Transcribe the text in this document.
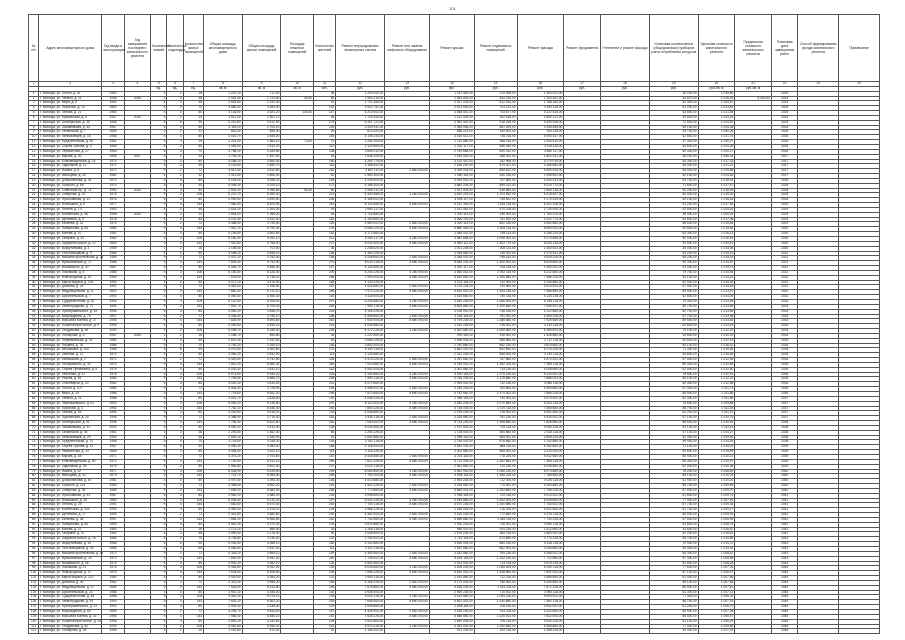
101
№ п/п	Адрес многоквартирного дома	Год ввода в эксплуатацию	Год завершения последнего капитального ремонта	Количество этажей	Количество подъездов	Количество жилых помещений	Общая площадь многоквартирного дома	Общая площадь жилых помещений	Площадь нежилых помещений	Количество жителей	Ремонт внутридомовых инженерных систем	Ремонт или замена лифтового оборудования	Ремонт крыши	Ремонт подвальных помещений	Ремонт фасада	Ремонт фундамента	Утепление и ремонт фасада	Установка коллективных (общедомовых) приборов учета потребления ресурсов	Удельная стоимость капитального ремонта	Предельная стоимость капитального ремонта	Плановая дата завершения работ	Способ формирования фонда капитального ремонта	Примечание
1	2	3	4	5	6	7	8	9	10	11	12	13	14	15	16	17	18	19	20	21	22	23	24
				ед.	ед.	ед.	кв. м	кв. м	кв. м	чел.	руб.	руб.	руб.	руб.	руб.	руб.	руб.	руб.	руб./кв. м	руб./кв. м			
1	г. Вологда, ул. Гоголя, д. 61	1960		2	2	16	1 210,10	712,00		38	1 253 442,00		1 012 481,00	210 458,00	1 453 022,00			35 200,00	1 035,80		2024		
2	г. Вологда, ул. Ленина, д. 11	1958	2008	3	3	28	2 042,30	1 724,60	44,80	56	1 963 210,00		1 564 803,00	344 226,00	2 103 402,00			44 870,00	1 026,25	8 400,00	2024		
3	г. Вологда, ул. Мира, д. 5	1962		4	3	48	2 618,80	2 190,40		91	2 721 455,00		2 017 225,00	512 044,00	2 788 160,00			52 400,00	1 064,57		2024		
4	г. Вологда, ул. Пирогова, д. 14	1963		5	4	70	3 880,40	3 264,90		132	3 920 741,00		2 874 900,00	703 122,00	3 944 118,00			61 200,00	1 023,45		2025		
5	г. Вологда, ул. Чехова, д. 21	1964		5	4	80	4 134,60	3 524,20	118,30	147	4 210 002,00		3 088 541,00	753 877,00	4 222 516,00			63 800,00	1 021,55		2025		
6	г. Вологда, ул. Пушкинская, д. 9	1957	2010	3	2	24	1 812,00	1 502,70		48	1 720 444,00		1 312 009,00	302 518,00	1 890 221,00			39 600,00	1 043,16		2025		
7	г. Вологда, ул. Октябрьская, д. 35	1966		5	6	90	5 210,80	4 412,50		178	5 301 722,00		3 962 410,00	918 245,00	5 340 008,00			72 500,00	1 024,81		2025		
8	г. Вологда, ул. Зосимовская, д. 44	1967		5	4	60	3 118,20	2 704,10		109	3 204 511,00		2 384 006,00	581 209,00	3 196 455,00			55 100,00	1 025,08		2025		
9	г. Вологда, ул. Галкинская, д. 7	1959		2	2	12	842,50	698,30		26	874 020,00		668 213,00	150 402,00	910 118,00			28 700,00	1 080,26		2026		
10	г. Вологда, ул. Челюскинцев, д. 18	1968		5	4	80	4 020,70	3 456,00		154	4 108 233,00		3 010 521,00	736 118,00	4 090 447,00			62 800,00	1 021,76		2026		
11	г. Вологда, ул. Предтеченская, д. 52	1961		3	3	36	2 214,40	1 864,10	72,60	70	2 281 004,00		1 742 880,00	388 016,00	2 344 510,00			47 300,00	1 030,07		2026		
12	г. Вологда, ул. Сергея Орлова, д. 3	1969		5	3	60	3 046,90	2 610,20		112	3 120 889,00		2 302 117,00	566 040,00	3 118 226,00			54 600,00	1 024,28		2026		
13	г. Вологда, ул. Лермонтова, д. 27	1965		5	4	70	3 768,10	3 184,80		138	3 844 012,00		2 790 668,00	690 322,00	3 850 117,00			60 400,00	1 020,17		2026		
14	г. Вологда, ул. Кирова, д. 30	1956	2007	3	2	24	1 706,30	1 402,90		44	1 648 100,00		1 254 920,00	288 002,00	1 802 441,00			38 200,00	1 056,34		2027		
15	г. Вологда, ул. Благовещенская, д. 16	1970		5	4	80	4 188,20	3 580,40		150	4 260 775,00		3 120 410,00	762 908,00	4 270 019,00			64 300,00	1 017,33		2027		
16	г. Вологда, ул. Ударников, д. 12	1971		5	3	60	3 102,60	2 650,70		116	3 168 442,00		2 338 200,00	574 021,00	3 166 880,00			55 000,00	1 021,22		2027		
17	г. Вологда, ул. Яшина, д. 8	1972		9	2	72	4 512,40	3 810,60		162	4 602 111,00	2 840 000,00	3 328 004,00	808 512,00	4 590 044,00			68 900,00	1 019,88		2027		
18	г. Вологда, ул. Мальцева, д. 40	1962		4	2	32	1 912,80	1 606,30		62	1 960 300,00		1 480 118,00	340 226,00	1 998 602,00			42 100,00	1 024,83		2027		
19	г. Вологда, ул. Добролюбова, д. 25	1973		5	4	80	4 154,00	3 548,20		149	4 228 900,00		3 094 002,00	757 660,00	4 240 333,00			63 700,00	1 018,03		2028		
20	г. Вологда, ул. Горького, д. 88	1974		5	6	90	5 098,30	4 324,10		172	5 188 404,00		3 880 226,00	899 012,00	5 214 770,00			71 600,00	1 017,67		2028		
21	г. Вологда, ул. Советский пр., д. 74	1960	2005	4	3	40	2 502,20	2 098,80	96,40	80	2 548 211,00		1 921 004,00	436 660,00	2 600 118,00			50 200,00	1 018,39		2028		
22	г. Вологда, ул. Северная, д. 20	1975		9	3	108	6 212,70	5 280,40		214	6 330 988,00	4 260 000,00	4 610 229,00	1 104 552,00	6 318 447,00			80 400,00	1 019,03		2028		
23	г. Вологда, ул. Ярославская, д. 31	1976		5	4	80	4 090,50	3 490,60		146	4 166 002,00		3 048 117,00	745 822,00	4 170 229,00			63 100,00	1 018,44		2028		
24	г. Вологда, ул. Ильюшина, д. 6	1977		9	4	144	7 980,40	6 824,90		281	8 120 554,00	5 680 000,00	5 912 300,00	1 416 118,00	8 102 226,00			91 200,00	1 017,56		2029		
25	г. Вологда, ул. Петина, д. 13	1963		4	3	48	2 624,10	2 204,30		93	2 690 117,00		2 012 440,00	470 228,00	2 730 006,00			52 800,00	1 025,16		2029		
26	г. Вологда, ул. Козленская, д. 58	1958	2009	3	2	24	1 694,00	1 396,20		45	1 702 880,00		1 300 114,00	296 004,00	1 760 225,00			38 900,00	1 005,24		2029		
27	г. Вологда, ул. Щетинина, д. 5	1978		5	4	80	4 120,30	3 512,40		151	4 190 660,00		3 066 220,00	751 400,00	4 202 770,00			63 500,00	1 017,08		2029		
28	г. Вологда, ул. Беляева, д. 22	1979		9	2	72	4 488,90	3 796,50		159	4 560 002,00	2 840 000,00	3 300 114,00	802 226,00	4 552 880,00			68 500,00	1 015,84		2029		
29	г. Вологда, ул. Панкратова, д. 66	1980		9	4	144	7 942,10	6 790,40		276	8 066 220,00	5 680 000,00	5 880 446,00	1 408 118,00	8 060 004,00			90 800,00	1 015,64		2030		
30	г. Вологда, ул. Конева, д. 10	1981		5	4	80	4 106,60	3 504,80		152	4 172 880,00		3 056 002,00	748 114,00	4 186 220,00			63 300,00	1 016,13		2030		
31	г. Вологда, ул. Гагарина, д. 44	1982		9	3	108	6 180,30	5 252,10		212	6 280 117,00	4 260 000,00	4 582 668,00	1 098 004,00	6 270 556,00			80 000,00	1 016,16		2030		
32	г. Вологда, ул. Окружное шоссе, д. 12	1983		9	4	144	7 910,60	6 768,00		272	8 030 400,00	5 680 000,00	5 860 112,00	1 402 770,00	8 024 118,00			90 500,00	1 015,14		2030		
33	г. Вологда, ул. Воркутинская, д. 3	1959		2	2	16	1 198,40	702,60		36	1 238 020,00		1 001 226,00	208 114,00	1 440 002,00			35 000,00	1 033,05		2030		
34	г. Вологда, ул. Текстильщиков, д. 9	1984		5	4	80	4 098,20	3 498,10		148	4 160 226,00		3 048 880,00	746 002,00	4 176 441,00			63 200,00	1 015,13		2031		
35	г. Вологда, ул. Машиностроительная, д. 28	1985		9	2	72	4 470,10	3 782,40		158	4 538 660,00	2 840 000,00	3 288 002,00	798 410,00	4 530 226,00			68 200,00	1 015,33		2031		
36	г. Вологда, ул. Фрязиновская, д. 17	1986		9	4	144	7 894,30	6 752,90		270	8 010 118,00	5 680 000,00	5 848 226,00	1 400 002,00	8 004 660,00			90 300,00	1 014,67		2031		
37	г. Вологда, ул. Можайского, д. 40	1987		5	4	80	4 084,70	3 486,50		147	4 144 880,00		3 040 117,00	744 226,00	4 160 002,00			63 000,00	1 014,73		2031		
38	г. Вологда, ул. Псковская, д. 5	1988		9	3	108	6 150,80	5 228,30		209	6 240 226,00	4 260 000,00	4 560 002,00	1 092 118,00	6 232 880,00			79 700,00	1 014,54		2031		
39	г. Вологда, ул. Новгородская, д. 19	1989		9	4	144	7 878,00	6 738,20		268	7 990 004,00	5 680 000,00	5 834 660,00	1 396 880,00	7 986 226,00			90 100,00	1 014,22		2032		
40	г. Вологда, ул. Карла Маркса, д. 104	1990		5	4	80	4 072,10	3 476,00		146	4 130 226,00		3 032 118,00	742 004,00	4 146 880,00			62 900,00	1 014,28		2032		
41	г. Вологда, ул. Дальняя, д. 24	1991		9	2	72	4 452,60	3 768,80		157	4 516 880,00	2 840 000,00	3 276 226,00	794 660,00	4 510 004,00			67 900,00	1 014,44		2032		
42	г. Вологда, ул. Медуницинская, д. 11	1992		9	4	144	7 860,40	6 722,10		266	7 970 226,00	5 680 000,00	5 820 002,00	1 394 226,00	7 966 880,00			89 900,00	1 013,97		2032		
43	г. Вологда, ул. Архангельская, д. 7	1993		5	4	80	4 060,80	3 466,30		145	4 118 004,00		3 024 660,00	740 118,00	4 134 226,00			62 800,00	1 014,09		2032		
44	г. Вологда, ул. Судоремонтная, д. 32	1994		9	3	108	6 122,50	5 206,00		207	6 204 880,00	4 260 000,00	4 540 226,00	1 086 004,00	6 198 118,00			79 400,00	1 013,45		2033		
45	г. Вологда, ул. Ленинградская, д. 71	1995		9	4	144	7 842,70	6 708,40		264	7 950 118,00	5 680 000,00	5 806 880,00	1 390 660,00	7 946 002,00			89 700,00	1 013,69		2033		
46	г. Вологда, ул. Преображенского, д. 15	1996		5	4	80	4 050,20	3 458,70		144	4 106 226,00		3 018 002,00	738 226,00	4 122 880,00			62 700,00	1 013,83		2033		
47	г. Вологда, ул. Возрождения, д. 76	1997		9	2	72	4 436,40	3 756,10		156	4 496 660,00	2 840 000,00	3 264 118,00	791 002,00	4 490 226,00			67 700,00	1 013,58		2033		
48	г. Вологда, ул. Маршала Конева, д. 27	1998		9	4	144	7 826,90	6 694,80		262	7 930 004,00	5 680 000,00	5 794 226,00	1 386 880,00	7 926 660,00			89 500,00	1 013,18		2033		
49	г. Вологда, ул. Пошехонское шоссе, д. 9	1999		5	4	80	4 040,60	3 450,20		143	4 094 880,00		3 010 226,00	736 002,00	4 110 118,00			62 600,00	1 013,43		2034		
50	г. Вологда, ул. Тендрякова, д. 36	2000		9	3	108	6 098,10	5 186,40		205	6 172 226,00	4 260 000,00	4 520 880,00	1 080 660,00	6 166 004,00			79 100,00	1 012,15		2034		
51	г. Вологда, ул. Гончарная, д. 4	1957	2006	2	2	16	1 186,70	694,80		34	1 222 660,00		990 118,00	206 002,00	1 426 880,00			34 800,00	1 030,29		2034		
52	г. Вологда, ул. Первомайская, д. 33	1964		4	3	48	2 610,40	2 192,60		92	2 668 226,00		1 998 004,00	466 880,00	2 712 118,00			52 600,00	1 022,15		2034		
53	г. Вологда, ул. Герцена, д. 78	1966		5	4	70	3 740,20	3 160,10		136	3 802 004,00		2 760 880,00	682 226,00	3 810 660,00			60 100,00	1 016,51		2034		
54	г. Вологда, ул. Ветошкина, д. 100	1968		5	6	90	5 070,50	4 300,80		170	5 150 118,00		3 852 002,00	892 660,00	5 176 226,00			71 300,00	1 015,69		2035		
55	г. Вологда, ул. Зеленая, д. 12	1970		5	3	60	3 080,20	2 632,90		114	3 130 880,00		2 312 226,00	568 004,00	3 134 118,00			54 800,00	1 016,45		2035		
56	г. Вологда, ул. Батюшкова, д. 2	1972		9	2	72	4 420,80	3 742,60		155	4 476 226,00	2 840 000,00	3 252 660,00	787 880,00	4 470 002,00			67 500,00	1 012,54		2035		
57	г. Вологда, ул. Гиляровского, д. 34	1974		9	4	144	7 810,20	6 680,30		260	7 910 880,00	5 680 000,00	5 780 002,00	1 382 226,00	7 906 118,00			89 300,00	1 012,89		2035		
58	г. Вологда, ул. Сергея Преминина, д. 6	1976		5	4	80	4 030,40	3 442,10		142	4 082 004,00		3 002 880,00	734 118,00	4 098 660,00			62 500,00	1 012,80		2035		
59	г. Вологда, ул. Лечебная, д. 22	1978		9	3	108	6 074,60	5 166,20		203	6 140 880,00	4 260 000,00	4 500 118,00	1 075 226,00	6 134 002,00			78 800,00	1 010,91		2036		
60	г. Вологда, ул. Разина, д. 45	1980		9	4	144	7 794,80	6 666,70		258	7 890 118,00	5 680 000,00	5 766 226,00	1 378 880,00	7 886 004,00			89 100,00	1 012,23		2036		
61	г. Вологда, ул. Сталеваров, д. 10	1982		5	4	80	4 020,10	3 434,00		141	4 070 660,00		2 994 002,00	732 226,00	4 086 118,00			62 400,00	1 012,58		2036		
62	г. Вологда, ул. Гоголя, д. 107	1984		9	2	72	4 404,30	3 728,90		154	4 456 002,00	2 840 000,00	3 240 226,00	784 660,00	4 450 880,00			67 300,00	1 011,74		2036		
63	г. Вологда, ул. Мира, д. 34	1986		9	4	144	7 778,60	6 652,20		256	7 870 880,00	5 680 000,00	5 752 660,00	1 374 002,00	7 866 226,00			88 900,00	1 011,86		2036		
64	г. Вологда, ул. Ленина, д. 21	1988		5	4	80	4 010,70	3 426,60		140	4 058 226,00		2 986 118,00	730 004,00	4 074 002,00			62 300,00	1 011,85		2037		
65	г. Вологда, ул. Чернышевского, д. 61	1990		9	3	108	6 050,20	5 146,80		201	6 110 004,00	4 260 000,00	4 480 226,00	1 070 880,00	6 104 118,00			78 500,00	1 009,88		2037		
66	г. Вологда, ул. Пирогова, д. 3	1992		9	4	144	7 762,10	6 638,40		254	7 850 226,00	5 680 000,00	5 738 004,00	1 370 118,00	7 846 660,00			88 700,00	1 011,35		2037		
67	г. Вологда, ул. Чехова, д. 49	1994		5	4	80	4 000,60	3 418,20		139	4 046 880,00		2 978 226,00	728 002,00	4 062 660,00			62 200,00	1 011,57		2037		
68	г. Вологда, ул. Пушкинская, д. 25	1996		9	2	72	4 388,90	3 716,40		153	4 436 118,00	2 840 000,00	3 228 880,00	781 226,00	4 430 002,00			67 100,00	1 010,76		2037		
69	г. Вологда, ул. Октябрьская, д. 51	1998		9	4	144	7 746,30	6 624,80		252	7 830 002,00	5 680 000,00	5 724 226,00	1 366 660,00	7 826 880,00			88 500,00	1 010,81		2038		
70	г. Вологда, ул. Зосимовская, д. 91	2000		5	4	80	3 990,20	3 410,90		138	4 034 660,00		2 970 002,00	726 118,00	4 050 226,00			62 100,00	1 011,14		2038		
71	г. Вологда, ул. Галкинская, д. 36	1961		3	3	36	2 200,80	1 852,40		68	2 254 226,00		1 728 004,00	384 660,00	2 318 118,00			47 100,00	1 024,27		2038		
72	г. Вологда, ул. Челюскинцев, д. 29	1963		4	3	48	2 600,10	2 184,90		91	2 652 880,00		1 986 118,00	464 002,00	2 698 226,00			52 400,00	1 020,30		2038		
73	г. Вологда, ул. Предтеченская, д. 70	1965		5	4	70	3 724,60	3 148,30		134	3 782 118,00		2 746 002,00	678 660,00	3 792 880,00			59 900,00	1 015,44		2038		
74	г. Вологда, ул. Сергея Орлова, д. 11	1967		5	6	90	5 050,30	4 284,40		168	5 126 004,00		3 834 226,00	888 118,00	5 152 660,00			71 100,00	1 015,01		2039		
75	г. Вологда, ул. Лермонтова, д. 33	1969		5	3	60	3 068,40	2 622,10		113	3 116 226,00		2 302 880,00	565 002,00	3 120 004,00			54 600,00	1 015,59		2039		
76	г. Вологда, ул. Кирова, д. 48	1971		9	2	72	4 374,20	3 704,80		152	4 418 880,00	2 840 000,00	3 218 118,00	778 226,00	4 412 660,00			66 900,00	1 010,21		2039		
77	г. Вологда, ул. Благовещенская, д. 60	1973		9	4	144	7 730,50	6 612,10		250	7 812 226,00	5 680 000,00	5 712 004,00	1 362 880,00	7 808 118,00			88 300,00	1 010,57		2039		
78	г. Вологда, ул. Ударников, д. 26	1975		5	4	80	3 980,80	3 402,40		137	4 022 118,00		2 962 660,00	724 226,00	4 038 880,00			62 000,00	1 010,38		2039		
79	г. Вологда, ул. Яшина, д. 12	1977		9	3	108	6 028,90	5 128,60		199	6 080 660,00	4 260 000,00	4 462 002,00	1 066 226,00	6 074 880,00			78 200,00	1 008,59		2040		
80	г. Вологда, ул. Мальцева, д. 52	1979		9	4	144	7 714,70	6 598,50		248	7 792 004,00	5 680 000,00	5 698 118,00	1 358 226,00	7 788 660,00			88 100,00	1 010,03		2040		
81	г. Вологда, ул. Добролюбова, д. 40	1981		5	4	80	3 970,40	3 394,30		136	4 010 880,00		2 954 226,00	722 004,00	4 026 118,00			61 900,00	1 010,20		2040		
82	г. Вологда, ул. Горького, д. 113	1983		9	2	72	4 358,60	3 692,20		151	4 400 226,00	2 840 000,00	3 206 660,00	775 002,00	4 394 880,00			66 700,00	1 009,55		2040		
83	г. Вологда, ул. Северная, д. 36	1985		9	4	144	7 698,20	6 584,90		246	7 772 880,00	5 680 000,00	5 684 002,00	1 354 660,00	7 768 226,00			87 900,00	1 009,70		2040		
84	г. Вологда, ул. Ярославская, д. 43	1987		5	4	80	3 960,10	3 386,20		135	3 998 660,00		2 946 118,00	720 118,00	4 014 002,00			61 800,00	1 009,74		2041		
85	г. Вологда, ул. Ильюшина, д. 18	1989		9	3	108	6 006,40	5 110,20		197	6 052 226,00	4 260 000,00	4 444 880,00	1 062 004,00	6 046 660,00			77 900,00	1 007,63		2041		
86	г. Вологда, ул. Петина, д. 29	1991		9	4	144	7 682,60	6 570,40		244	7 754 118,00	5 680 000,00	5 670 226,00	1 350 880,00	7 750 002,00			87 700,00	1 009,34		2041		
87	г. Вологда, ул. Козленская, д. 104	1993		5	4	80	3 950,00	3 378,10		134	3 986 226,00		2 938 004,00	718 226,00	4 002 660,00			61 700,00	1 009,17		2041		
88	г. Вологда, ул. Щетинина, д. 17	1995		9	2	72	4 342,80	3 680,60		150	4 382 004,00	2 840 000,00	3 194 226,00	772 660,00	4 376 118,00			66 500,00	1 009,03		2041		
89	г. Вологда, ул. Беляева, д. 38	1997		9	4	144	7 666,10	6 556,80		242	7 734 660,00	5 680 000,00	5 656 880,00	1 346 118,00	7 730 226,00			87 500,00	1 008,95		2042		
90	г. Вологда, ул. Панкратова, д. 80	1999		5	4	80	3 940,30	3 370,00		133	3 974 880,00		2 930 226,00	716 002,00	3 990 118,00			61 600,00	1 008,76		2042		
91	г. Вологда, ул. Конева, д. 22	1960		2	2	16	1 174,20	686,90		33	1 208 118,00		980 002,00	204 226,00	1 412 660,00			34 600,00	1 028,87		2042		
92	г. Вологда, ул. Гагарина, д. 70	1962		4	3	48	2 590,40	2 176,30		90	2 638 660,00		1 976 226,00	462 118,00	2 684 002,00			52 200,00	1 018,62		2042		
93	г. Вологда, ул. Окружное шоссе, д. 26	1964		5	4	70	3 708,80	3 136,40		132	3 764 002,00		2 732 118,00	674 880,00	3 774 226,00			59 700,00	1 014,89		2042		
94	г. Вологда, ул. Воркутинская, д. 15	1966		5	6	90	5 030,60	4 268,10		166	5 102 880,00		3 816 004,00	884 226,00	5 128 118,00			70 900,00	1 014,37		2043		
95	г. Вологда, ул. Текстильщиков, д. 25	1968		5	3	60	3 056,50	2 612,40		112	3 102 118,00		2 292 660,00	562 004,00	3 106 880,00			54 400,00	1 014,92		2043		
96	г. Вологда, ул. Машиностроительная, д. 44	1970		9	2	72	4 328,20	3 668,10		149	4 364 660,00	2 840 000,00	3 182 880,00	769 226,00	4 358 002,00			66 300,00	1 008,41		2043		
97	г. Вологда, ул. Фрязиновская, д. 33	1972		9	4	144	7 650,40	6 542,20		240	7 716 002,00	5 680 000,00	5 644 118,00	1 342 226,00	7 712 880,00			87 300,00	1 008,58		2043		
98	г. Вологда, ул. Можайского, д. 56	1974		5	4	80	3 930,20	3 362,10		132	3 962 660,00		2 922 002,00	714 118,00	3 978 226,00			61 500,00	1 008,28		2043		
99	г. Вологда, ул. Псковская, д. 21	1976		9	3	108	5 984,80	5 092,00		195	6 026 880,00	4 260 000,00	4 428 226,00	1 058 004,00	6 020 118,00			77 600,00	1 007,03		2044		
100	г. Вологда, ул. Новгородская, д. 37	1978		9	4	144	7 634,60	6 528,60		238	7 696 226,00	5 680 000,00	5 630 002,00	1 338 660,00	7 692 004,00			87 100,00	1 008,07		2044		
101	г. Вологда, ул. Карла Маркса, д. 120	1980		5	4	80	3 920,50	3 354,20		131	3 950 118,00		2 914 880,00	712 226,00	3 966 660,00			61 400,00	1 007,56		2044		
102	г. Вологда, ул. Дальняя, д. 40	1982		9	2	72	4 312,40	3 656,30		148	4 346 226,00	2 840 000,00	3 170 004,00	766 002,00	4 340 880,00			66 100,00	1 007,84		2044		
103	г. Вологда, ул. Медуницинская, д. 27	1984		9	4	144	7 618,90	6 514,80		236	7 676 880,00	5 680 000,00	5 616 226,00	1 334 118,00	7 672 226,00			86 900,00	1 007,61		2044		
104	г. Вологда, ул. Архангельская, д. 23	1986		5	4	80	3 910,10	3 346,00		130	3 938 004,00		2 906 226,00	710 002,00	3 954 118,00			61 300,00	1 007,13		2045		
105	г. Вологда, ул. Судоремонтная, д. 48	1988		9	3	108	5 962,30	5 074,10		193	6 000 118,00	4 260 000,00	4 410 880,00	1 054 226,00	5 994 002,00			77 300,00	1 006,33		2045		
106	г. Вологда, ул. Ленинградская, д. 93	1990		9	4	144	7 602,20	6 500,20		234	7 656 660,00	5 680 000,00	5 602 002,00	1 330 880,00	7 652 118,00			86 700,00	1 007,15		2045		
107	г. Вологда, ул. Преображенского, д. 31	1992		5	4	80	3 900,40	3 338,40		129	3 926 880,00		2 898 118,00	708 226,00	3 942 002,00			61 200,00	1 006,79		2045		
108	г. Вологда, ул. Возрождения, д. 84	1994		9	2	72	4 296,70	3 644,90		147	4 328 002,00	2 840 000,00	3 158 226,00	763 118,00	4 322 660,00			65 900,00	1 007,28		2045		
109	г. Вологда, ул. Маршала Конева, д. 43	1996		9	4	144	7 586,40	6 486,10		232	7 636 226,00	5 680 000,00	5 588 880,00	1 326 002,00	7 632 004,00			86 500,00	1 006,57		2046		
110	г. Вологда, ул. Пошехонское шоссе, д. 25	1998		5	4	80	3 890,20	3 330,60		128	3 914 660,00		2 890 004,00	706 118,00	3 930 226,00			61 100,00	1 006,29		2046		
111	г. Вологда, ул. Тендрякова, д. 52	2000		9	3	108	5 940,60	5 056,20		191	5 974 226,00	4 260 000,00	4 394 002,00	1 050 660,00	5 968 880,00			77 000,00	1 005,66		2046		
112	г. Вологда, ул. Гончарная, д. 18	1958		2	2	16	1 162,60	679,40		32	1 194 002,00		970 226,00	202 118,00	1 398 226,00			34 400,00	1 027,01		2046		
